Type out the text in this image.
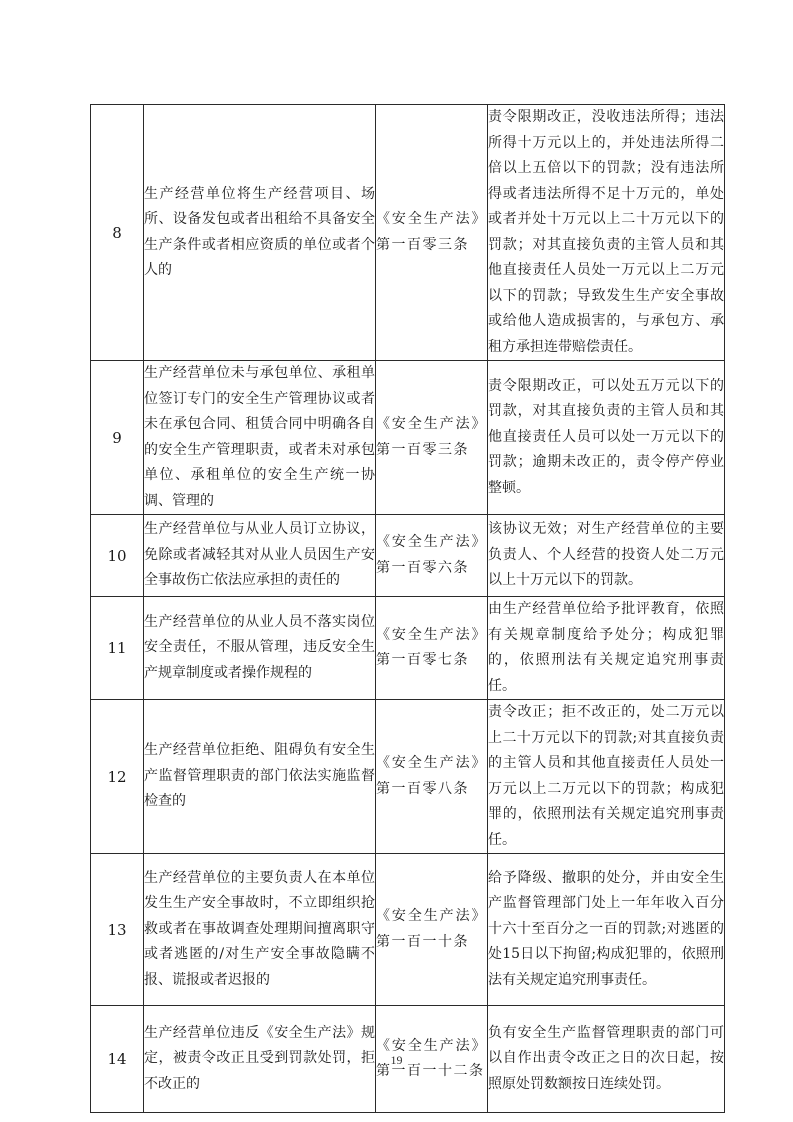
8	生产经营单位将生产经营项目、场所、设备发包或者出租给不具备安全生产条件或者相应资质的单位或者个人的	《安全生产法》第一百零三条	责令限期改正，没收违法所得；违法所得十万元以上的，并处违法所得二倍以上五倍以下的罚款；没有违法所得或者违法所得不足十万元的，单处或者并处十万元以上二十万元以下的罚款；对其直接负责的主管人员和其他直接责任人员处一万元以上二万元以下的罚款；导致发生生产安全事故或给他人造成损害的，与承包方、承租方承担连带赔偿责任。
9	生产经营单位未与承包单位、承租单位签订专门的安全生产管理协议或者未在承包合同、租赁合同中明确各自的安全生产管理职责，或者未对承包单位、承租单位的安全生产统一协调、管理的	《安全生产法》第一百零三条	责令限期改正，可以处五万元以下的罚款，对其直接负责的主管人员和其他直接责任人员可以处一万元以下的罚款；逾期未改正的，责令停产停业整顿。
10	生产经营单位与从业人员订立协议，免除或者减轻其对从业人员因生产安全事故伤亡依法应承担的责任的	《安全生产法》第一百零六条	该协议无效；对生产经营单位的主要负责人、个人经营的投资人处二万元以上十万元以下的罚款。
11	生产经营单位的从业人员不落实岗位安全责任，不服从管理，违反安全生产规章制度或者操作规程的	《安全生产法》第一百零七条	由生产经营单位给予批评教育，依照有关规章制度给予处分；构成犯罪的，依照刑法有关规定追究刑事责任。
12	生产经营单位拒绝、阻碍负有安全生产监督管理职责的部门依法实施监督检查的	《安全生产法》第一百零八条	责令改正；拒不改正的，处二万元以上二十万元以下的罚款;对其直接负责的主管人员和其他直接责任人员处一万元以上二万元以下的罚款；构成犯罪的，依照刑法有关规定追究刑事责任。
13	生产经营单位的主要负责人在本单位发生生产安全事故时，不立即组织抢救或者在事故调查处理期间擅离职守或者逃匿的/对生产安全事故隐瞒不报、谎报或者迟报的	《安全生产法》第一百一十条	给予降级、撤职的处分，并由安全生产监督管理部门处上一年年收入百分十六十至百分之一百的罚款;对逃匿的处15日以下拘留;构成犯罪的，依照刑法有关规定追究刑事责任。
14	生产经营单位违反《安全生产法》规定，被责令改正且受到罚款处罚，拒不改正的	《安全生产法》第一百一十二条	负有安全生产监督管理职责的部门可以自作出责令改正之日的次日起，按照原处罚数额按日连续处罚。
19
